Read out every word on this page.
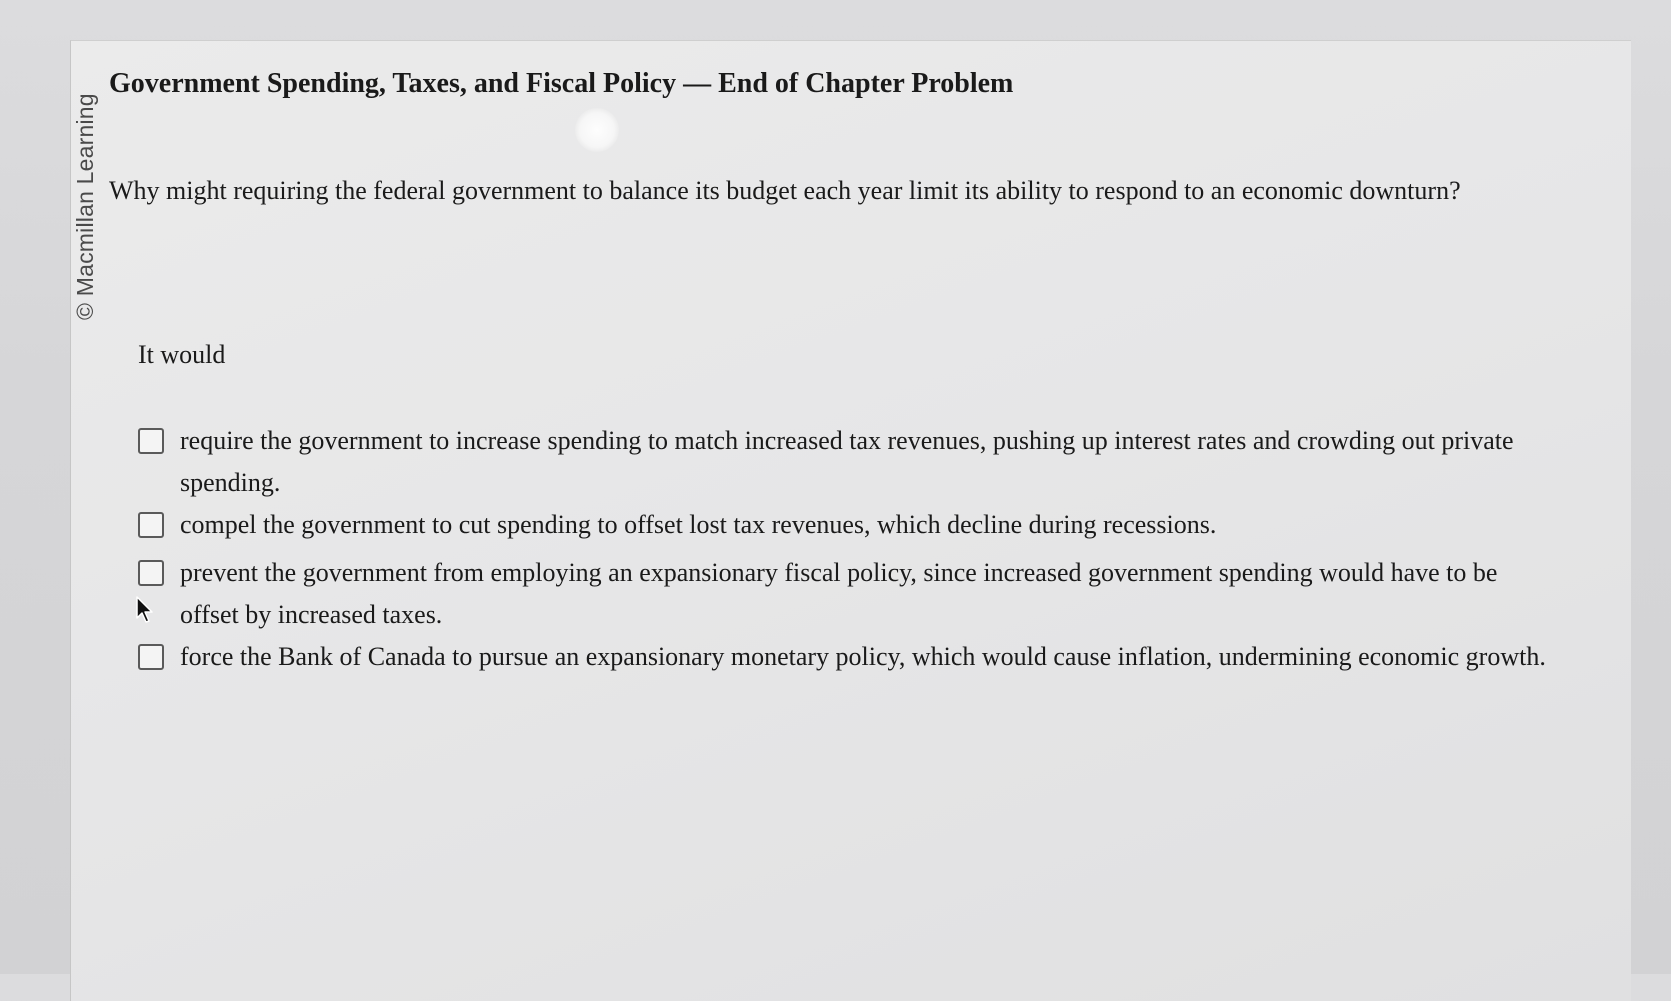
© Macmillan Learning
Government Spending, Taxes, and Fiscal Policy — End of Chapter Problem
Why might requiring the federal government to balance its budget each year limit its ability to respond to an economic downturn?
It would
require the government to increase spending to match increased tax revenues, pushing up interest rates and crowding out private spending.
compel the government to cut spending to offset lost tax revenues, which decline during recessions.
prevent the government from employing an expansionary fiscal policy, since increased government spending would have to be offset by increased taxes.
force the Bank of Canada to pursue an expansionary monetary policy, which would cause inflation, undermining economic growth.
